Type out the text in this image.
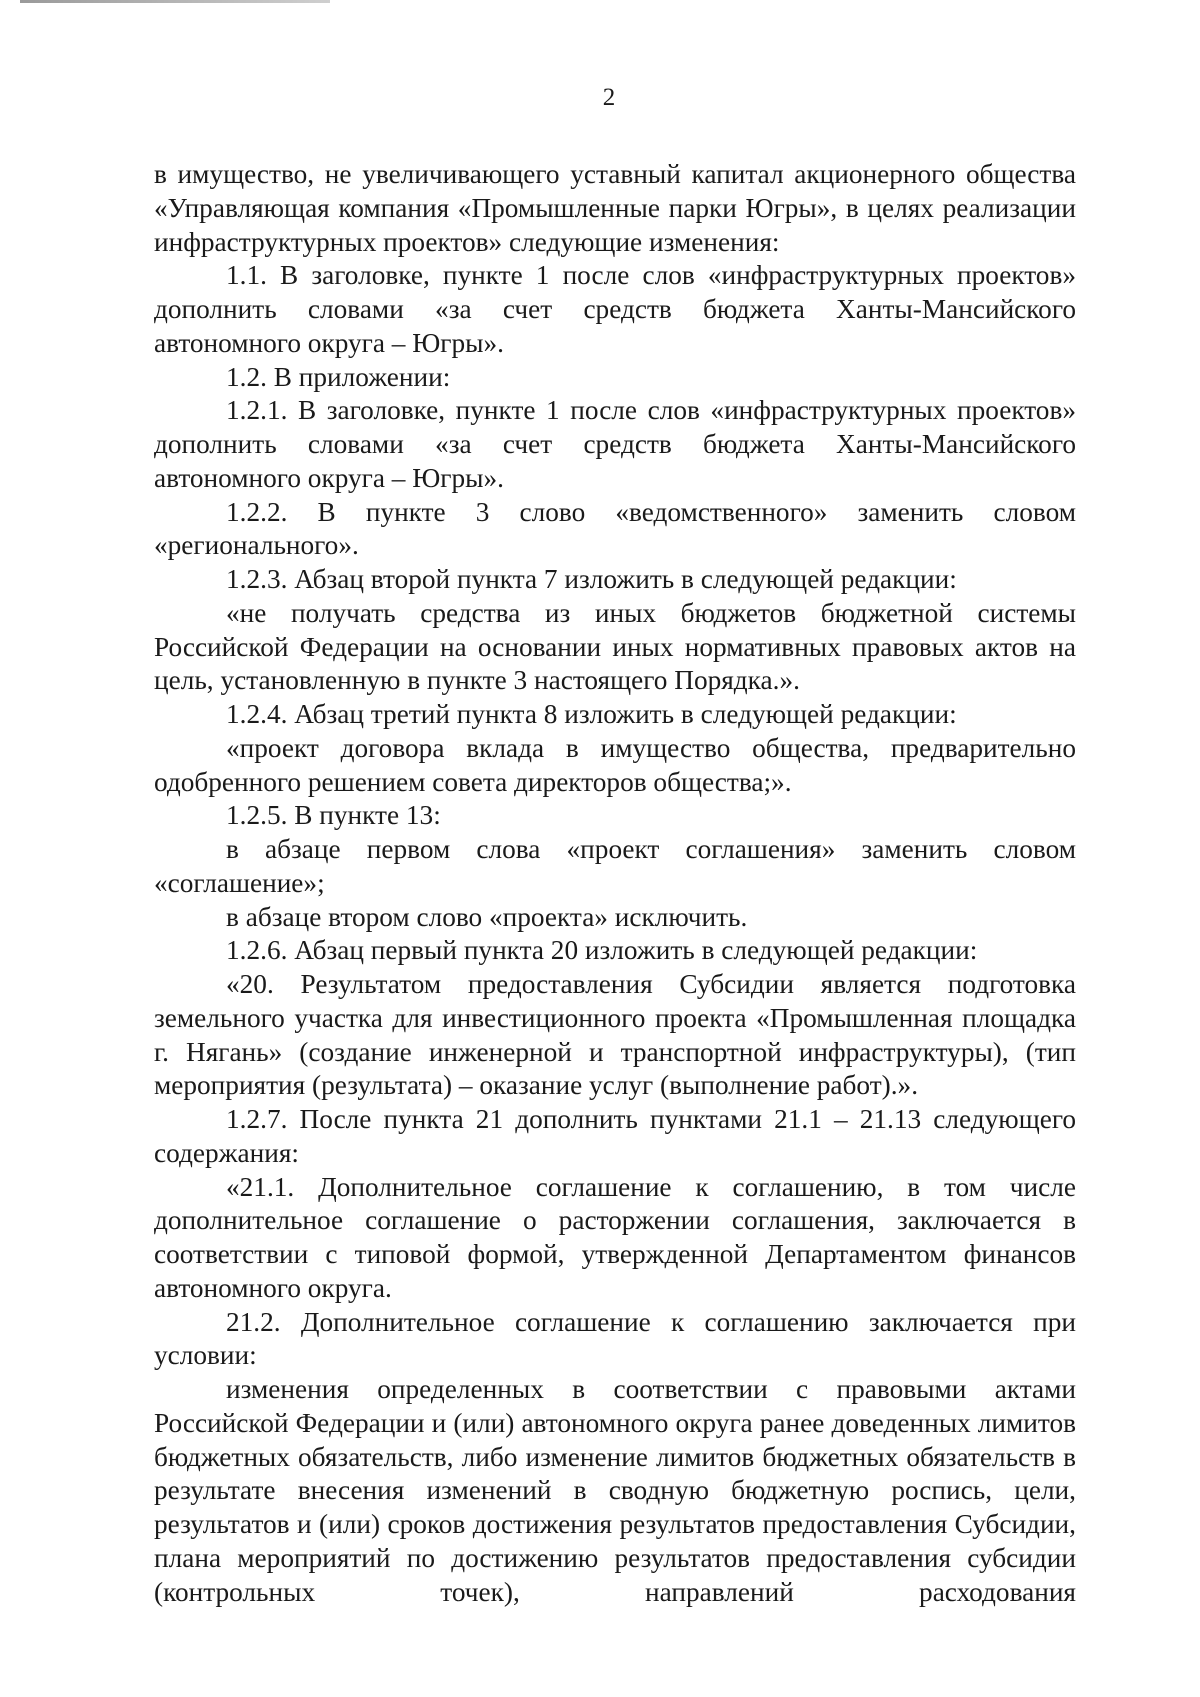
2

в имущество, не увеличивающего уставный капитал акционерного общества «Управляющая компания «Промышленные парки Югры», в целях реализации инфраструктурных проектов» следующие изменения:

1.1. В заголовке, пункте 1 после слов «инфраструктурных проектов» дополнить словами «за счет средств бюджета Ханты-Мансийского автономного округа – Югры».

1.2. В приложении:

1.2.1. В заголовке, пункте 1 после слов «инфраструктурных проектов» дополнить словами «за счет средств бюджета Ханты-Мансийского автономного округа – Югры».

1.2.2. В пункте 3 слово «ведомственного» заменить словом «регионального».

1.2.3. Абзац второй пункта 7 изложить в следующей редакции:

«не получать средства из иных бюджетов бюджетной системы Российской Федерации на основании иных нормативных правовых актов на цель, установленную в пункте 3 настоящего Порядка.».

1.2.4. Абзац третий пункта 8 изложить в следующей редакции:

«проект договора вклада в имущество общества, предварительно одобренного решением совета директоров общества;».

1.2.5. В пункте 13:

в абзаце первом слова «проект соглашения» заменить словом «соглашение»;

в абзаце втором слово «проекта» исключить.

1.2.6. Абзац первый пункта 20 изложить в следующей редакции:

«20. Результатом предоставления Субсидии является подготовка земельного участка для инвестиционного проекта «Промышленная площадка г. Нягань» (создание инженерной и транспортной инфраструктуры), (тип мероприятия (результата) – оказание услуг (выполнение работ).».

1.2.7. После пункта 21 дополнить пунктами 21.1 – 21.13 следующего содержания:

«21.1. Дополнительное соглашение к соглашению, в том числе дополнительное соглашение о расторжении соглашения, заключается в соответствии с типовой формой, утвержденной Департаментом финансов автономного округа.

21.2. Дополнительное соглашение к соглашению заключается при условии:

изменения определенных в соответствии с правовыми актами Российской Федерации и (или) автономного округа ранее доведенных лимитов бюджетных обязательств, либо изменение лимитов бюджетных обязательств в результате внесения изменений в сводную бюджетную роспись, цели, результатов и (или) сроков достижения результатов предоставления Субсидии, плана мероприятий по достижению результатов предоставления субсидии (контрольных точек), направлений расходования
